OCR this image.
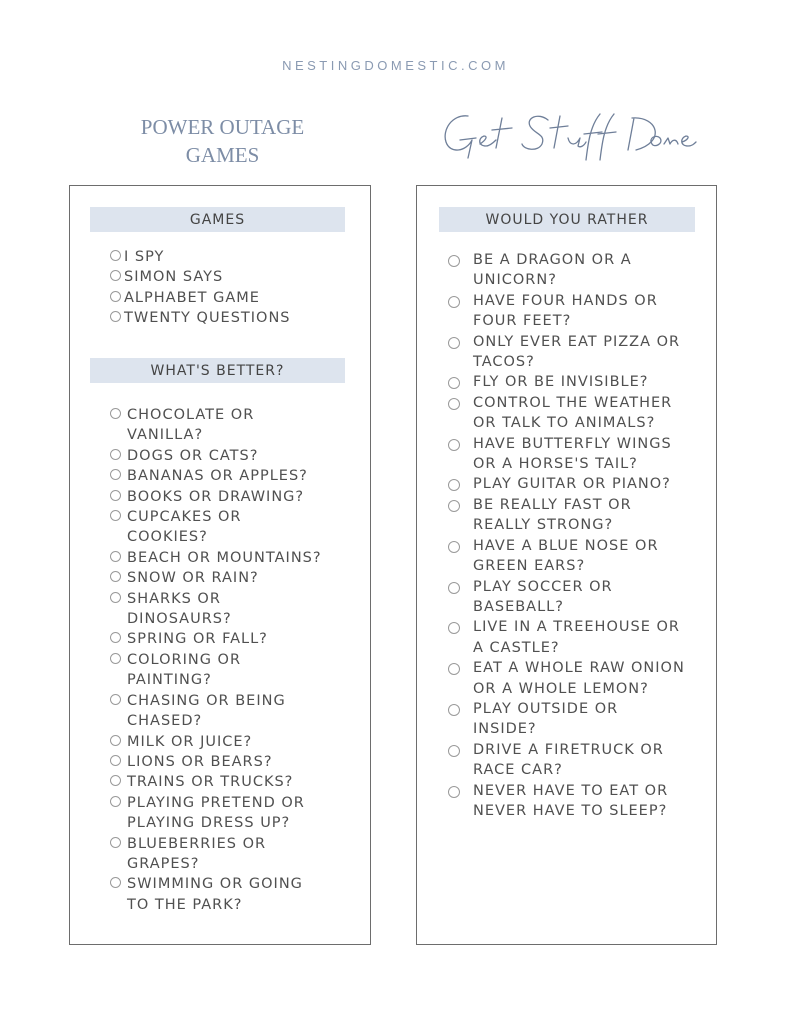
NESTINGDOMESTIC.COM
POWER OUTAGE
GAMES
Get Stuff Done
GAMES
I SPY
SIMON SAYS
ALPHABET GAME
TWENTY QUESTIONS
WHAT'S BETTER?
CHOCOLATE OR VANILLA?
DOGS OR CATS?
BANANAS OR APPLES?
BOOKS OR DRAWING?
CUPCAKES OR COOKIES?
BEACH OR MOUNTAINS?
SNOW OR RAIN?
SHARKS OR DINOSAURS?
SPRING OR FALL?
COLORING OR PAINTING?
CHASING OR BEING CHASED?
MILK OR JUICE?
LIONS OR BEARS?
TRAINS OR TRUCKS?
PLAYING PRETEND OR PLAYING DRESS UP?
BLUEBERRIES OR GRAPES?
SWIMMING OR GOING TO THE PARK?
WOULD YOU RATHER
BE A DRAGON OR A UNICORN?
HAVE FOUR HANDS OR FOUR FEET?
ONLY EVER EAT PIZZA OR TACOS?
FLY OR BE INVISIBLE?
CONTROL THE WEATHER OR TALK TO ANIMALS?
HAVE BUTTERFLY WINGS OR A HORSE'S TAIL?
PLAY GUITAR OR PIANO?
BE REALLY FAST OR REALLY STRONG?
HAVE A BLUE NOSE OR GREEN EARS?
PLAY SOCCER OR BASEBALL?
LIVE IN A TREEHOUSE OR A CASTLE?
EAT A WHOLE RAW ONION OR A WHOLE LEMON?
PLAY OUTSIDE OR INSIDE?
DRIVE A FIRETRUCK OR RACE CAR?
NEVER HAVE TO EAT OR NEVER HAVE TO SLEEP?
